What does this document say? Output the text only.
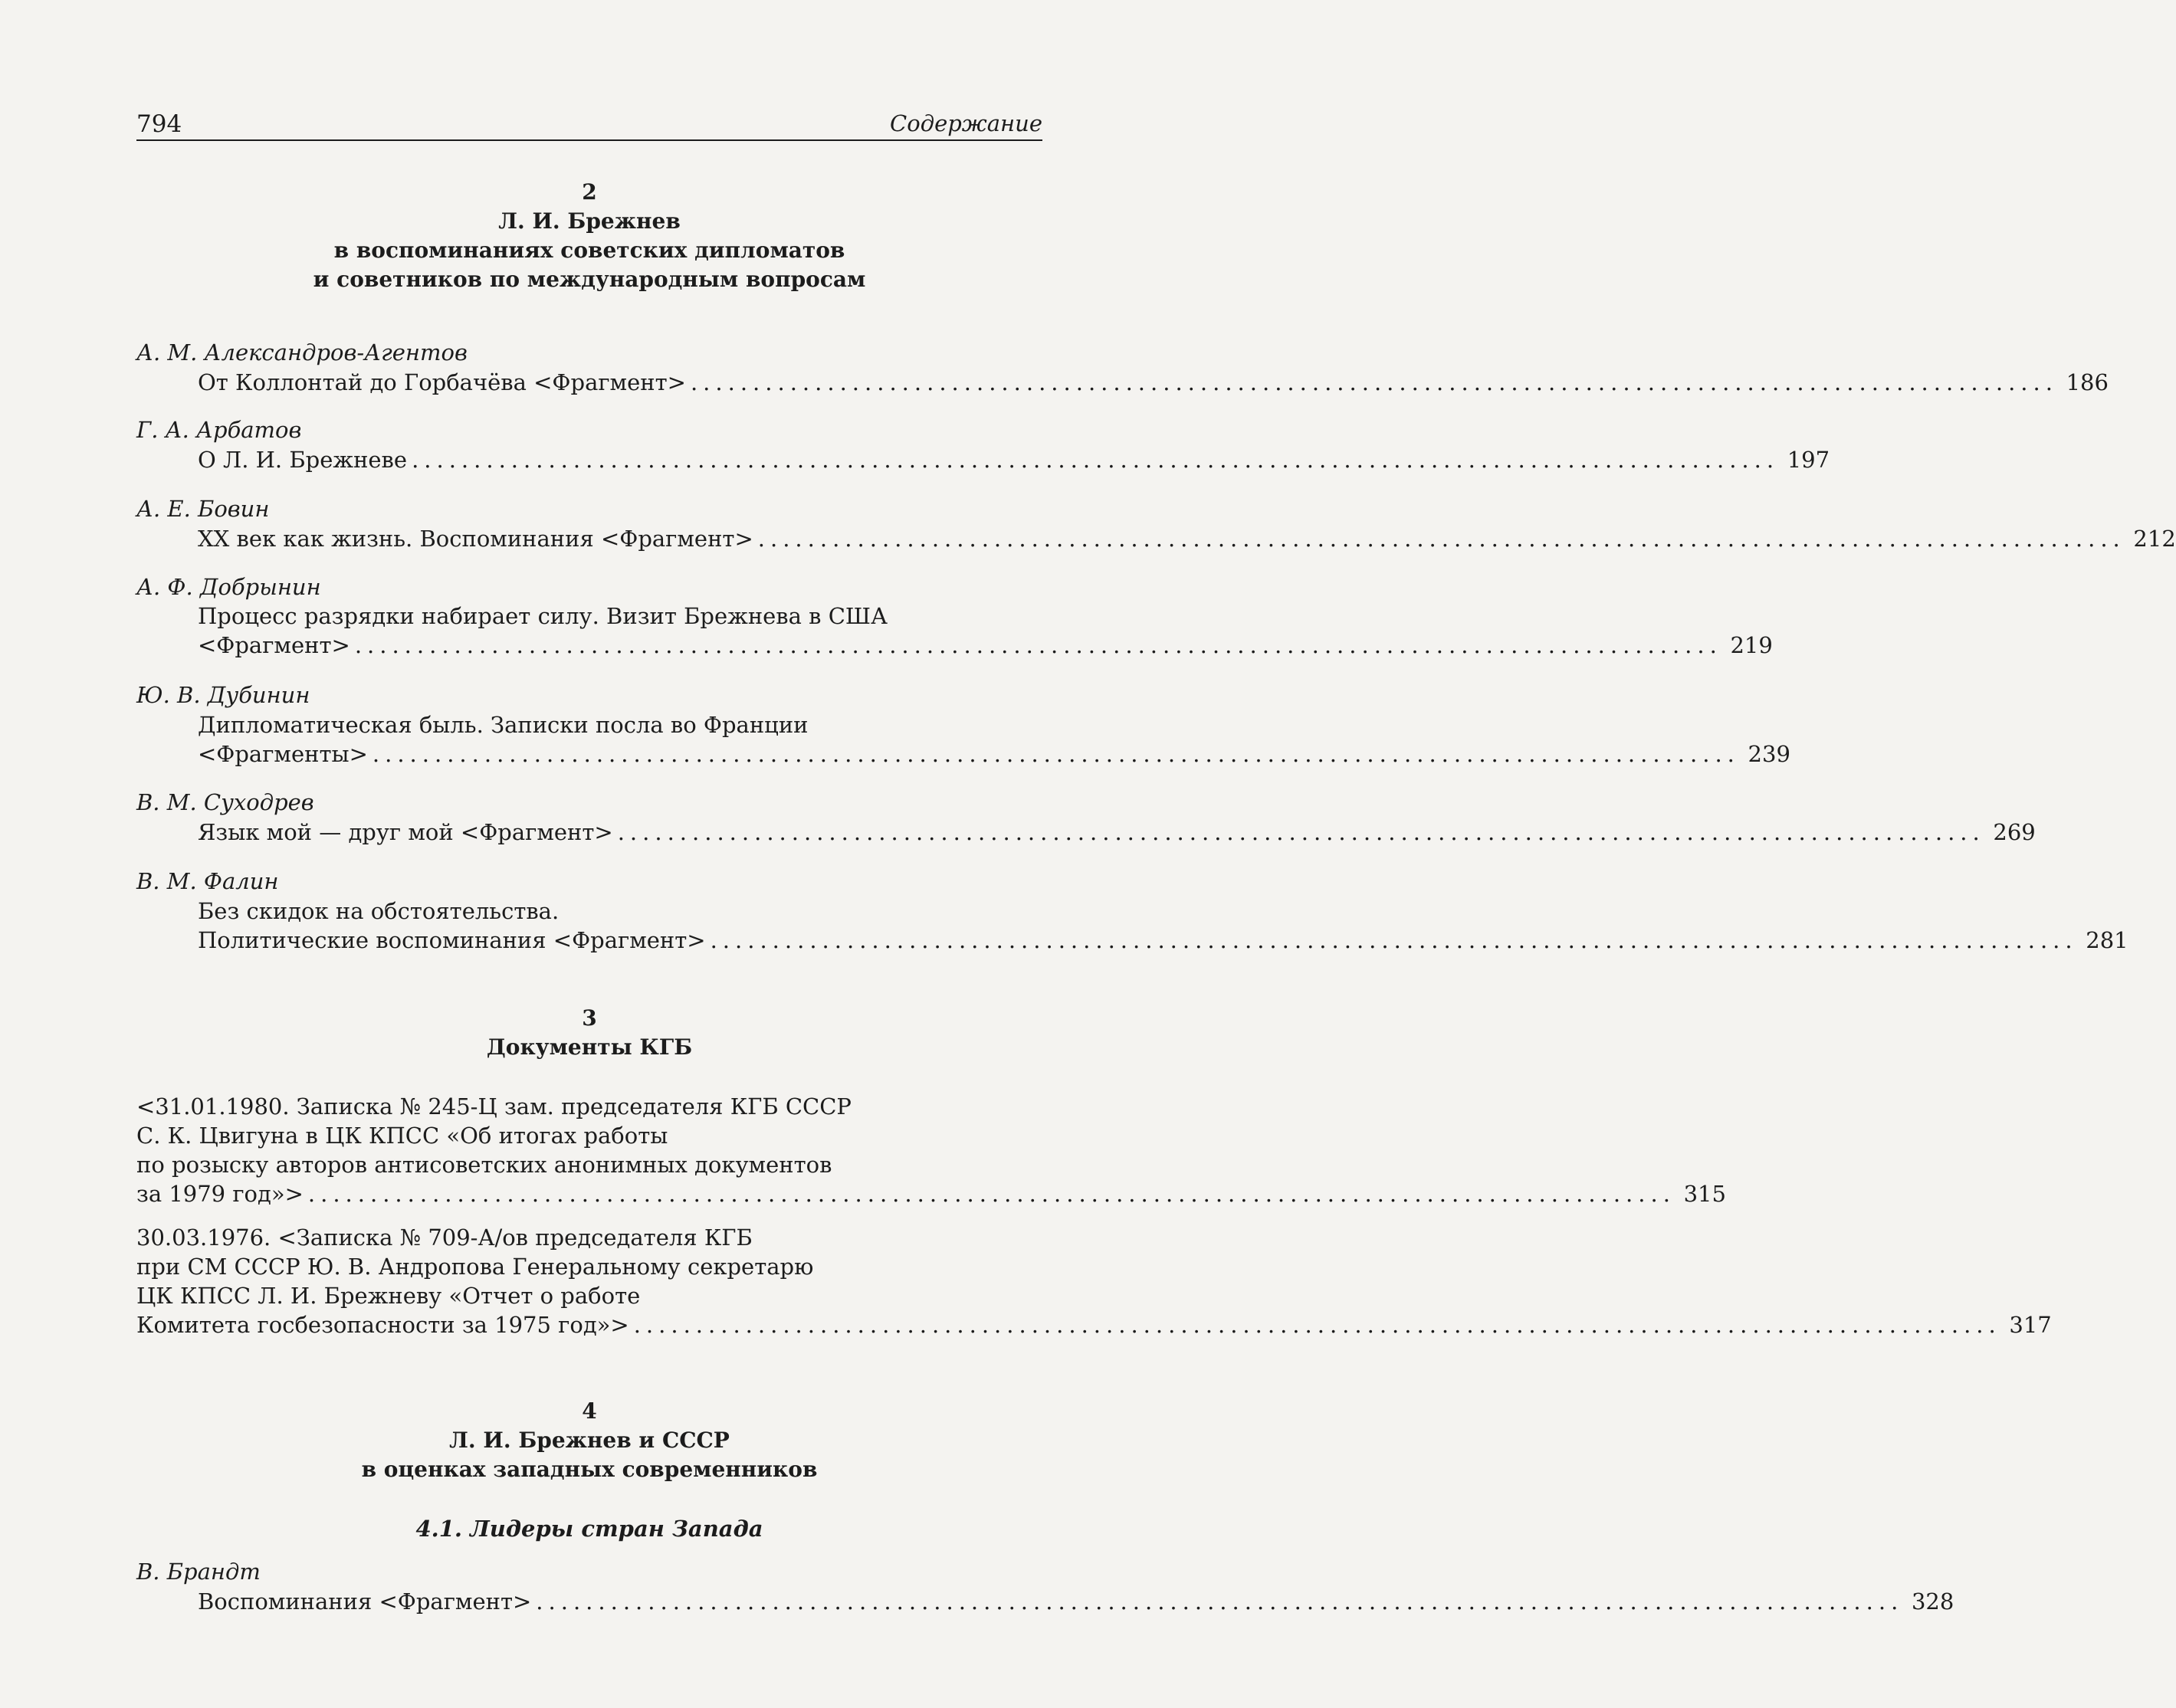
794	Содержание
2
Л. И. Брежнев
в воспоминаниях советских дипломатов
и советников по международным вопросам
А. М. Александров-Агентов
От Коллонтай до Горбачёва <Фрагмент> .............................................................................................................. 186
Г. А. Арбатов
О Л. И. Брежневе .............................................................................................................. 197
А. Е. Бовин
XX век как жизнь. Воспоминания <Фрагмент> .............................................................................................................. 212
А. Ф. Добрынин
Процесс разрядки набирает силу. Визит Брежнева в США
<Фрагмент> .............................................................................................................. 219
Ю. В. Дубинин
Дипломатическая быль. Записки посла во Франции
<Фрагменты> .............................................................................................................. 239
В. М. Суходрев
Язык мой — друг мой <Фрагмент> .............................................................................................................. 269
В. М. Фалин
Без скидок на обстоятельства.
Политические воспоминания <Фрагмент> .............................................................................................................. 281
3
Документы КГБ
<31.01.1980. Записка № 245-Ц зам. председателя КГБ СССР
С. К. Цвигуна в ЦК КПСС «Об итогах работы
по розыску авторов антисоветских анонимных документов
за 1979 год»> .............................................................................................................. 315
30.03.1976. <Записка № 709-А/ов председателя КГБ
при СМ СССР Ю. В. Андропова Генеральному секретарю
ЦК КПСС Л. И. Брежневу «Отчет о работе
Комитета госбезопасности за 1975 год»> .............................................................................................................. 317
4
Л. И. Брежнев и СССР
в оценках западных современников
4.1. Лидеры стран Запада
В. Брандт
Воспоминания <Фрагмент> .............................................................................................................. 328
